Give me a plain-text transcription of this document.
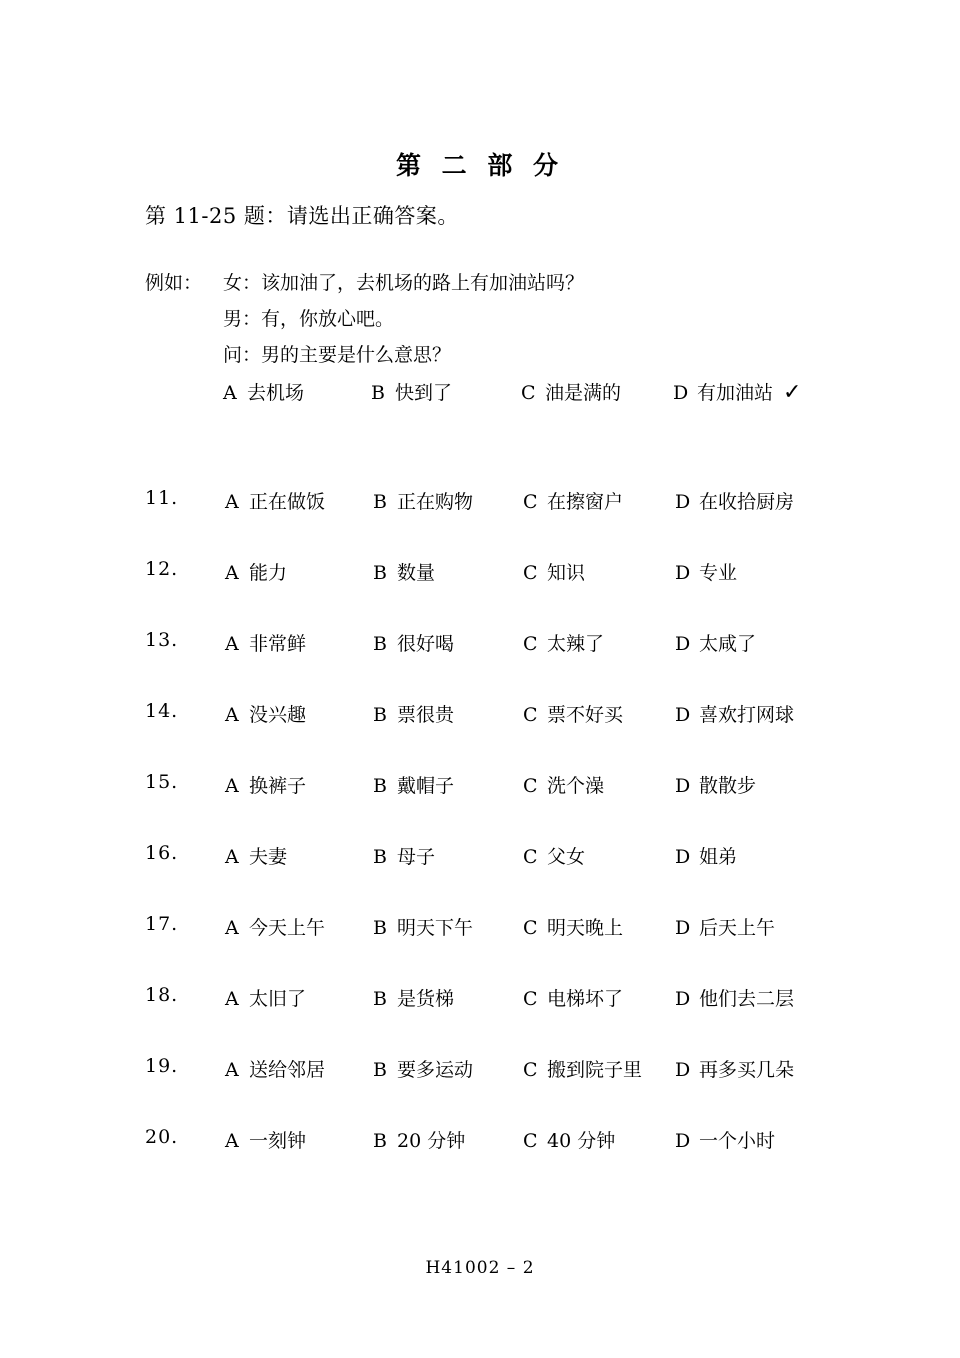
第 二 部 分
第 11-25 题：请选出正确答案。
例如： 女：该加油了，去机场的路上有加油站吗？
男：有，你放心吧。
问：男的主要是什么意思？
A 去机场	B 快到了	C 油是满的	D 有加油站 ✓
11.	A 正在做饭	B 正在购物	C 在擦窗户	D 在收拾厨房
12.	A 能力	B 数量	C 知识	D 专业
13.	A 非常鲜	B 很好喝	C 太辣了	D 太咸了
14.	A 没兴趣	B 票很贵	C 票不好买	D 喜欢打网球
15.	A 换裤子	B 戴帽子	C 洗个澡	D 散散步
16.	A 夫妻	B 母子	C 父女	D 姐弟
17.	A 今天上午	B 明天下午	C 明天晚上	D 后天上午
18.	A 太旧了	B 是货梯	C 电梯坏了	D 他们去二层
19.	A 送给邻居	B 要多运动	C 搬到院子里 D 再多买几朵
20.	A 一刻钟	B 20 分钟	C 40 分钟	D 一个小时
H41002 – 2
